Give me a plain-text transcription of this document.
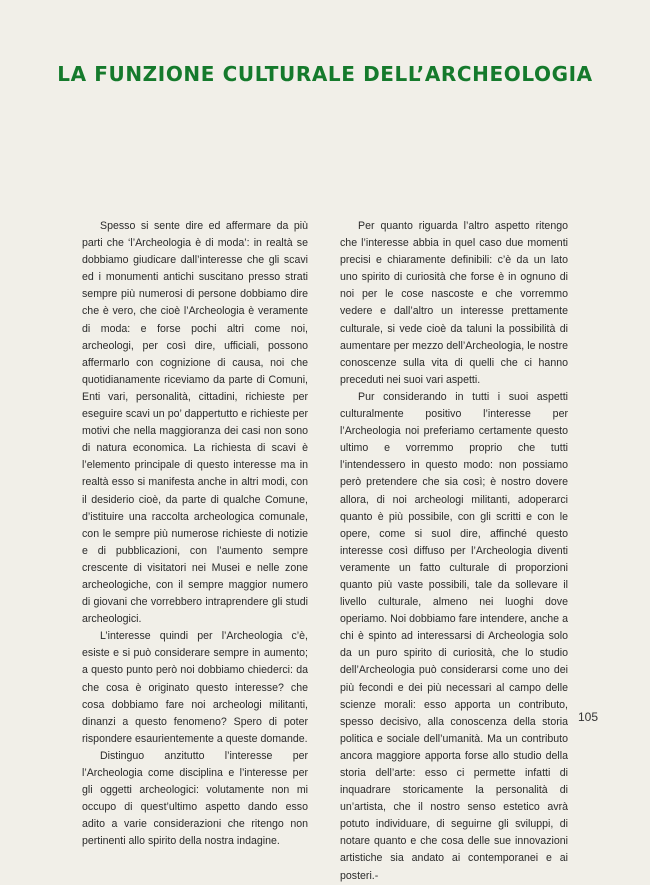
LA FUNZIONE CULTURALE DELL’ARCHEOLOGIA

Spesso si sente dire ed affermare da più parti che ‘l’Archeologia è di moda’: in realtà se dobbiamo giudicare dall’interesse che gli scavi ed i monumenti antichi suscitano presso strati sempre più numerosi di persone dobbiamo dire che è vero, che cioè l’Archeologia è veramente di moda: e forse pochi altri come noi, archeologi, per così dire, ufficiali, possono affermarlo con cognizione di causa, noi che quotidianamente riceviamo da parte di Comuni, Enti vari, personalità, cittadini, richieste per eseguire scavi un po’ dappertutto e richieste per motivi che nella maggioranza dei casi non sono di natura economica. La richiesta di scavi è l’elemento principale di questo interesse ma in realtà esso si manifesta anche in altri modi, con il desiderio cioè, da parte di qualche Comune, d’istituire una raccolta archeologica comunale, con le sempre più numerose richieste di notizie e di pubblicazioni, con l’aumento sempre crescente di visitatori nei Musei e nelle zone archeologiche, con il sempre maggior numero di giovani che vorrebbero intraprendere gli studi archeologici.

L’interesse quindi per l’Archeologia c’è, esiste e si può considerare sempre in aumento; a questo punto però noi dobbiamo chiederci: da che cosa è originato questo interesse? che cosa dobbiamo fare noi archeologi militanti, dinanzi a questo fenomeno? Spero di poter rispondere esaurientemente a queste domande.

Distinguo anzitutto l’interesse per l’Archeologia come disciplina e l’interesse per gli oggetti archeologici: volutamente non mi occupo di quest’ultimo aspetto dando esso adito a varie considerazioni che ritengo non pertinenti allo spirito della nostra indagine.

Per quanto riguarda l’altro aspetto ritengo che l’interesse abbia in quel caso due momenti precisi e chiaramente definibili: c’è da un lato uno spirito di curiosità che forse è in ognuno di noi per le cose nascoste e che vorremmo vedere e dall’altro un interesse prettamente culturale, si vede cioè da taluni la possibilità di aumentare per mezzo dell’Archeologia, le nostre conoscenze sulla vita di quelli che ci hanno preceduti nei suoi vari aspetti.

Pur considerando in tutti i suoi aspetti culturalmente positivo l’interesse per l’Archeologia noi preferiamo certamente questo ultimo e vorremmo proprio che tutti l’intendessero in questo modo: non possiamo però pretendere che sia così; è nostro dovere allora, di noi archeologi militanti, adoperarci quanto è più possibile, con gli scritti e con le opere, come si suol dire, affinché questo interesse così diffuso per l’Archeologia diventi veramente un fatto culturale di proporzioni quanto più vaste possibili, tale da sollevare il livello culturale, almeno nei luoghi dove operiamo. Noi dobbiamo fare intendere, anche a chi è spinto ad interessarsi di Archeologia solo da un puro spirito di curiosità, che lo studio dell’Archeologia può considerarsi come uno dei più fecondi e dei più necessari al campo delle scienze morali: esso apporta un contributo, spesso decisivo, alla conoscenza della storia politica e sociale dell’umanità. Ma un contributo ancora maggiore apporta forse allo studio della storia dell’arte: esso ci permette infatti di inquadrare storicamente la personalità di un’artista, che il nostro senso estetico avrà potuto individuare, di seguirne gli sviluppi, di notare quanto e che cosa delle sue innovazioni artistiche sia andato ai contemporanei e ai posteri.-

105
